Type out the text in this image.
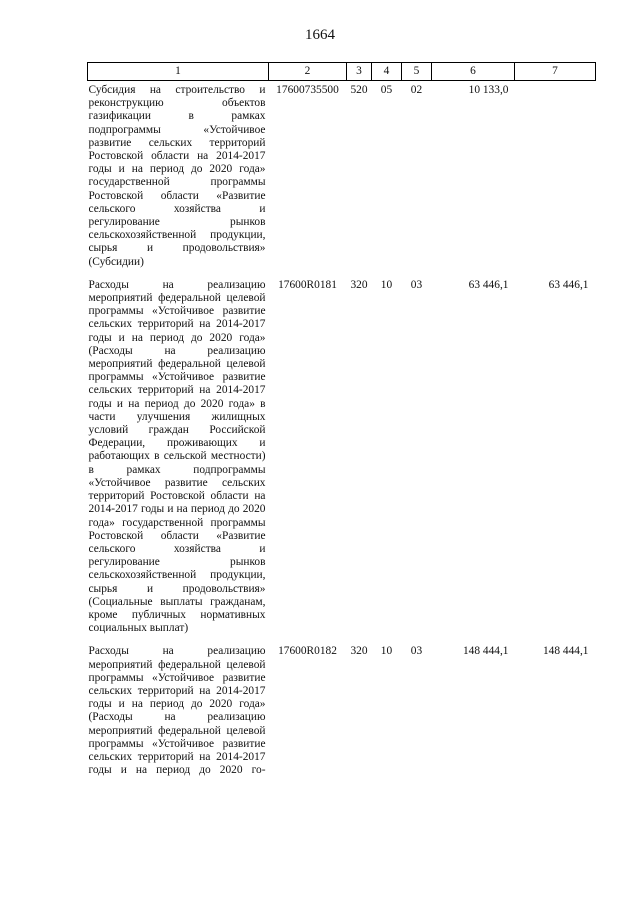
1664
1	2	3	4	5	6	7
Субсидия на строительство и реконструкцию объектов газификации в рамках подпрограммы «Устойчивое развитие сельских территорий Ростовской области на 2014-2017 годы и на период до 2020 года» государственной программы Ростовской области «Развитие сельского хозяйства и регулирование рынков сельскохозяйственной продукции, сырья и продовольствия» (Субсидии)	17600735500	520	05	02	10 133,0	
Расходы на реализацию мероприятий федеральной целевой программы «Устойчивое развитие сельских территорий на 2014-2017 годы и на период до 2020 года» (Расходы на реализацию мероприятий федеральной целевой программы «Устойчивое развитие сельских территорий на 2014-2017 годы и на период до 2020 года» в части улучшения жилищных условий граждан Российской Федерации, проживающих и работающих в сельской местности) в рамках подпрограммы «Устойчивое развитие сельских территорий Ростовской области на 2014-2017 годы и на период до 2020 года» государственной программы Ростовской области «Развитие сельского хозяйства и регулирование рынков сельскохозяйственной продукции, сырья и продовольствия» (Социальные выплаты гражданам, кроме публичных нормативных социальных выплат)	17600R0181	320	10	03	63 446,1	63 446,1
Расходы на реализацию мероприятий федеральной целевой программы «Устойчивое развитие сельских территорий на 2014-2017 годы и на период до 2020 года» (Расходы на реализацию мероприятий федеральной целевой программы «Устойчивое развитие сельских территорий на 2014-2017 годы и на период до 2020 го-	17600R0182	320	10	03	148 444,1	148 444,1
